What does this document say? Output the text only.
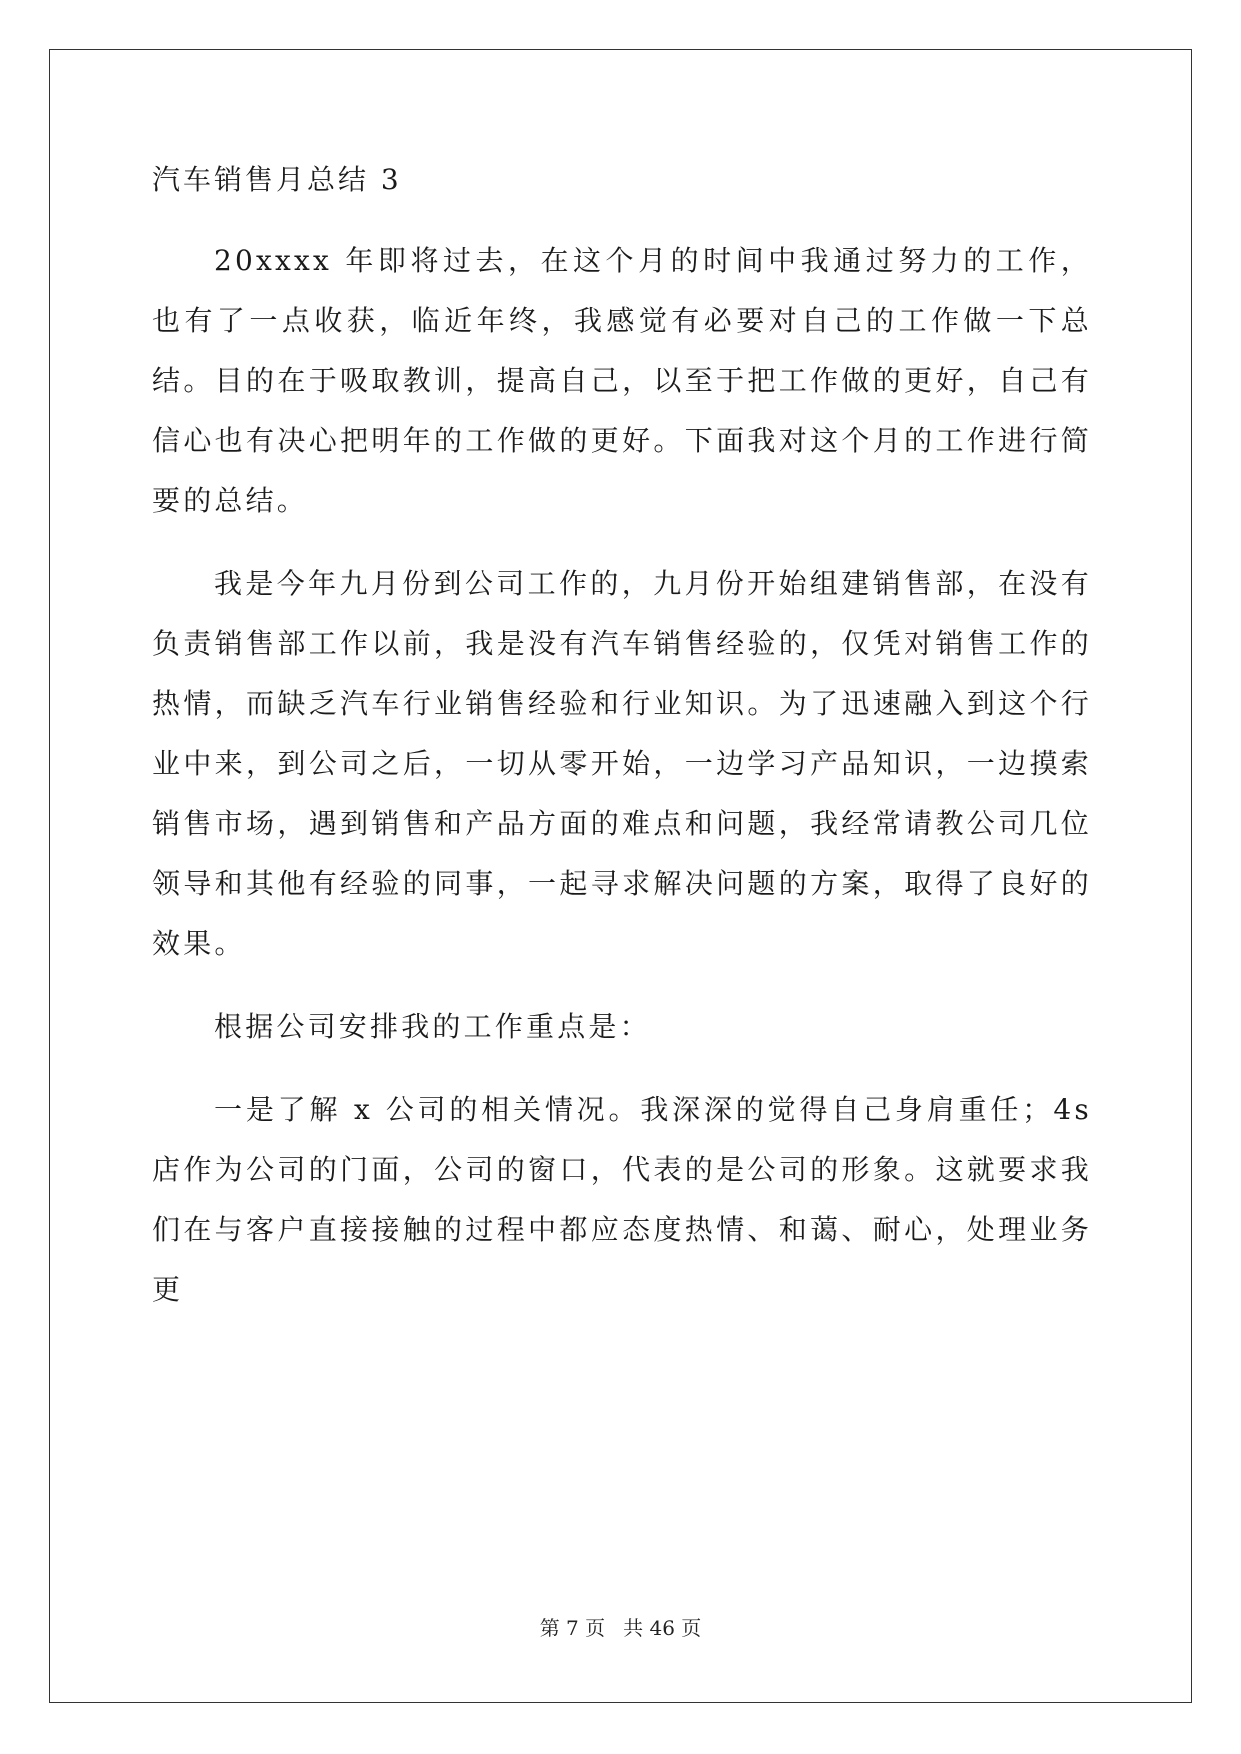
汽车销售月总结 3

20xxxx 年即将过去，在这个月的时间中我通过努力的工作，也有了一点收获，临近年终，我感觉有必要对自己的工作做一下总结。目的在于吸取教训，提高自己，以至于把工作做的更好，自己有信心也有决心把明年的工作做的更好。下面我对这个月的工作进行简要的总结。

我是今年九月份到公司工作的，九月份开始组建销售部，在没有负责销售部工作以前，我是没有汽车销售经验的，仅凭对销售工作的热情，而缺乏汽车行业销售经验和行业知识。为了迅速融入到这个行业中来，到公司之后，一切从零开始，一边学习产品知识，一边摸索销售市场，遇到销售和产品方面的难点和问题，我经常请教公司几位领导和其他有经验的同事，一起寻求解决问题的方案，取得了良好的效果。

根据公司安排我的工作重点是：

一是了解 x 公司的相关情况。我深深的觉得自己身肩重任；4s 店作为公司的门面，公司的窗口，代表的是公司的形象。这就要求我们在与客户直接接触的过程中都应态度热情、和蔼、耐心，处理业务更

第 7 页 共 46 页
